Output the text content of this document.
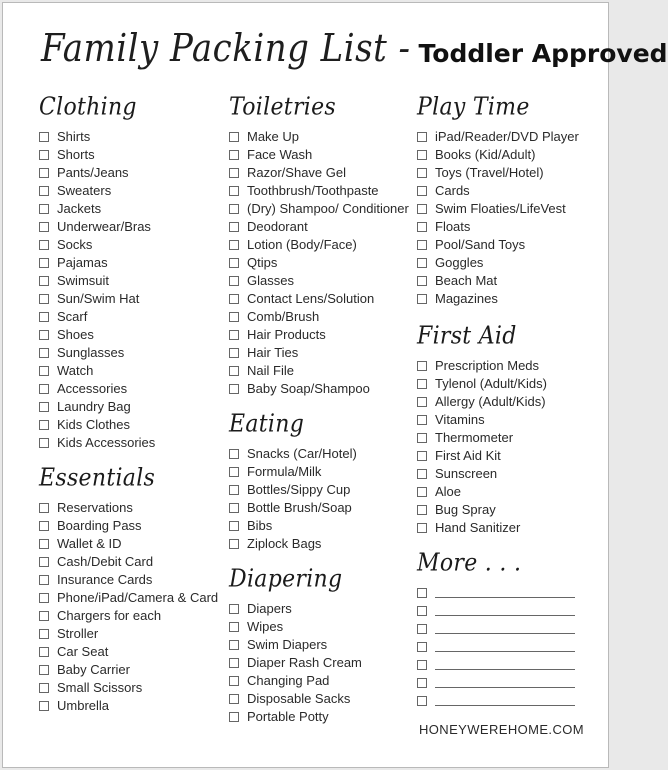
Family Packing List - Toddler Approved
Clothing
Shirts
Shorts
Pants/Jeans
Sweaters
Jackets
Underwear/Bras
Socks
Pajamas
Swimsuit
Sun/Swim Hat
Scarf
Shoes
Sunglasses
Watch
Accessories
Laundry Bag
Kids Clothes
Kids Accessories
Essentials
Reservations
Boarding Pass
Wallet & ID
Cash/Debit Card
Insurance Cards
Phone/iPad/Camera & Card
Chargers for each
Stroller
Car Seat
Baby Carrier
Small Scissors
Umbrella
Toiletries
Make Up
Face Wash
Razor/Shave Gel
Toothbrush/Toothpaste
(Dry) Shampoo/ Conditioner
Deodorant
Lotion (Body/Face)
Qtips
Glasses
Contact Lens/Solution
Comb/Brush
Hair Products
Hair Ties
Nail File
Baby Soap/Shampoo
Eating
Snacks (Car/Hotel)
Formula/Milk
Bottles/Sippy Cup
Bottle Brush/Soap
Bibs
Ziplock Bags
Diapering
Diapers
Wipes
Swim Diapers
Diaper Rash Cream
Changing Pad
Disposable Sacks
Portable Potty
Play Time
iPad/Reader/DVD Player
Books (Kid/Adult)
Toys (Travel/Hotel)
Cards
Swim Floaties/LifeVest
Floats
Pool/Sand Toys
Goggles
Beach Mat
Magazines
First Aid
Prescription Meds
Tylenol (Adult/Kids)
Allergy (Adult/Kids)
Vitamins
Thermometer
First Aid Kit
Sunscreen
Aloe
Bug Spray
Hand Sanitizer
More . . .
HONEYWEREHOME.COM
